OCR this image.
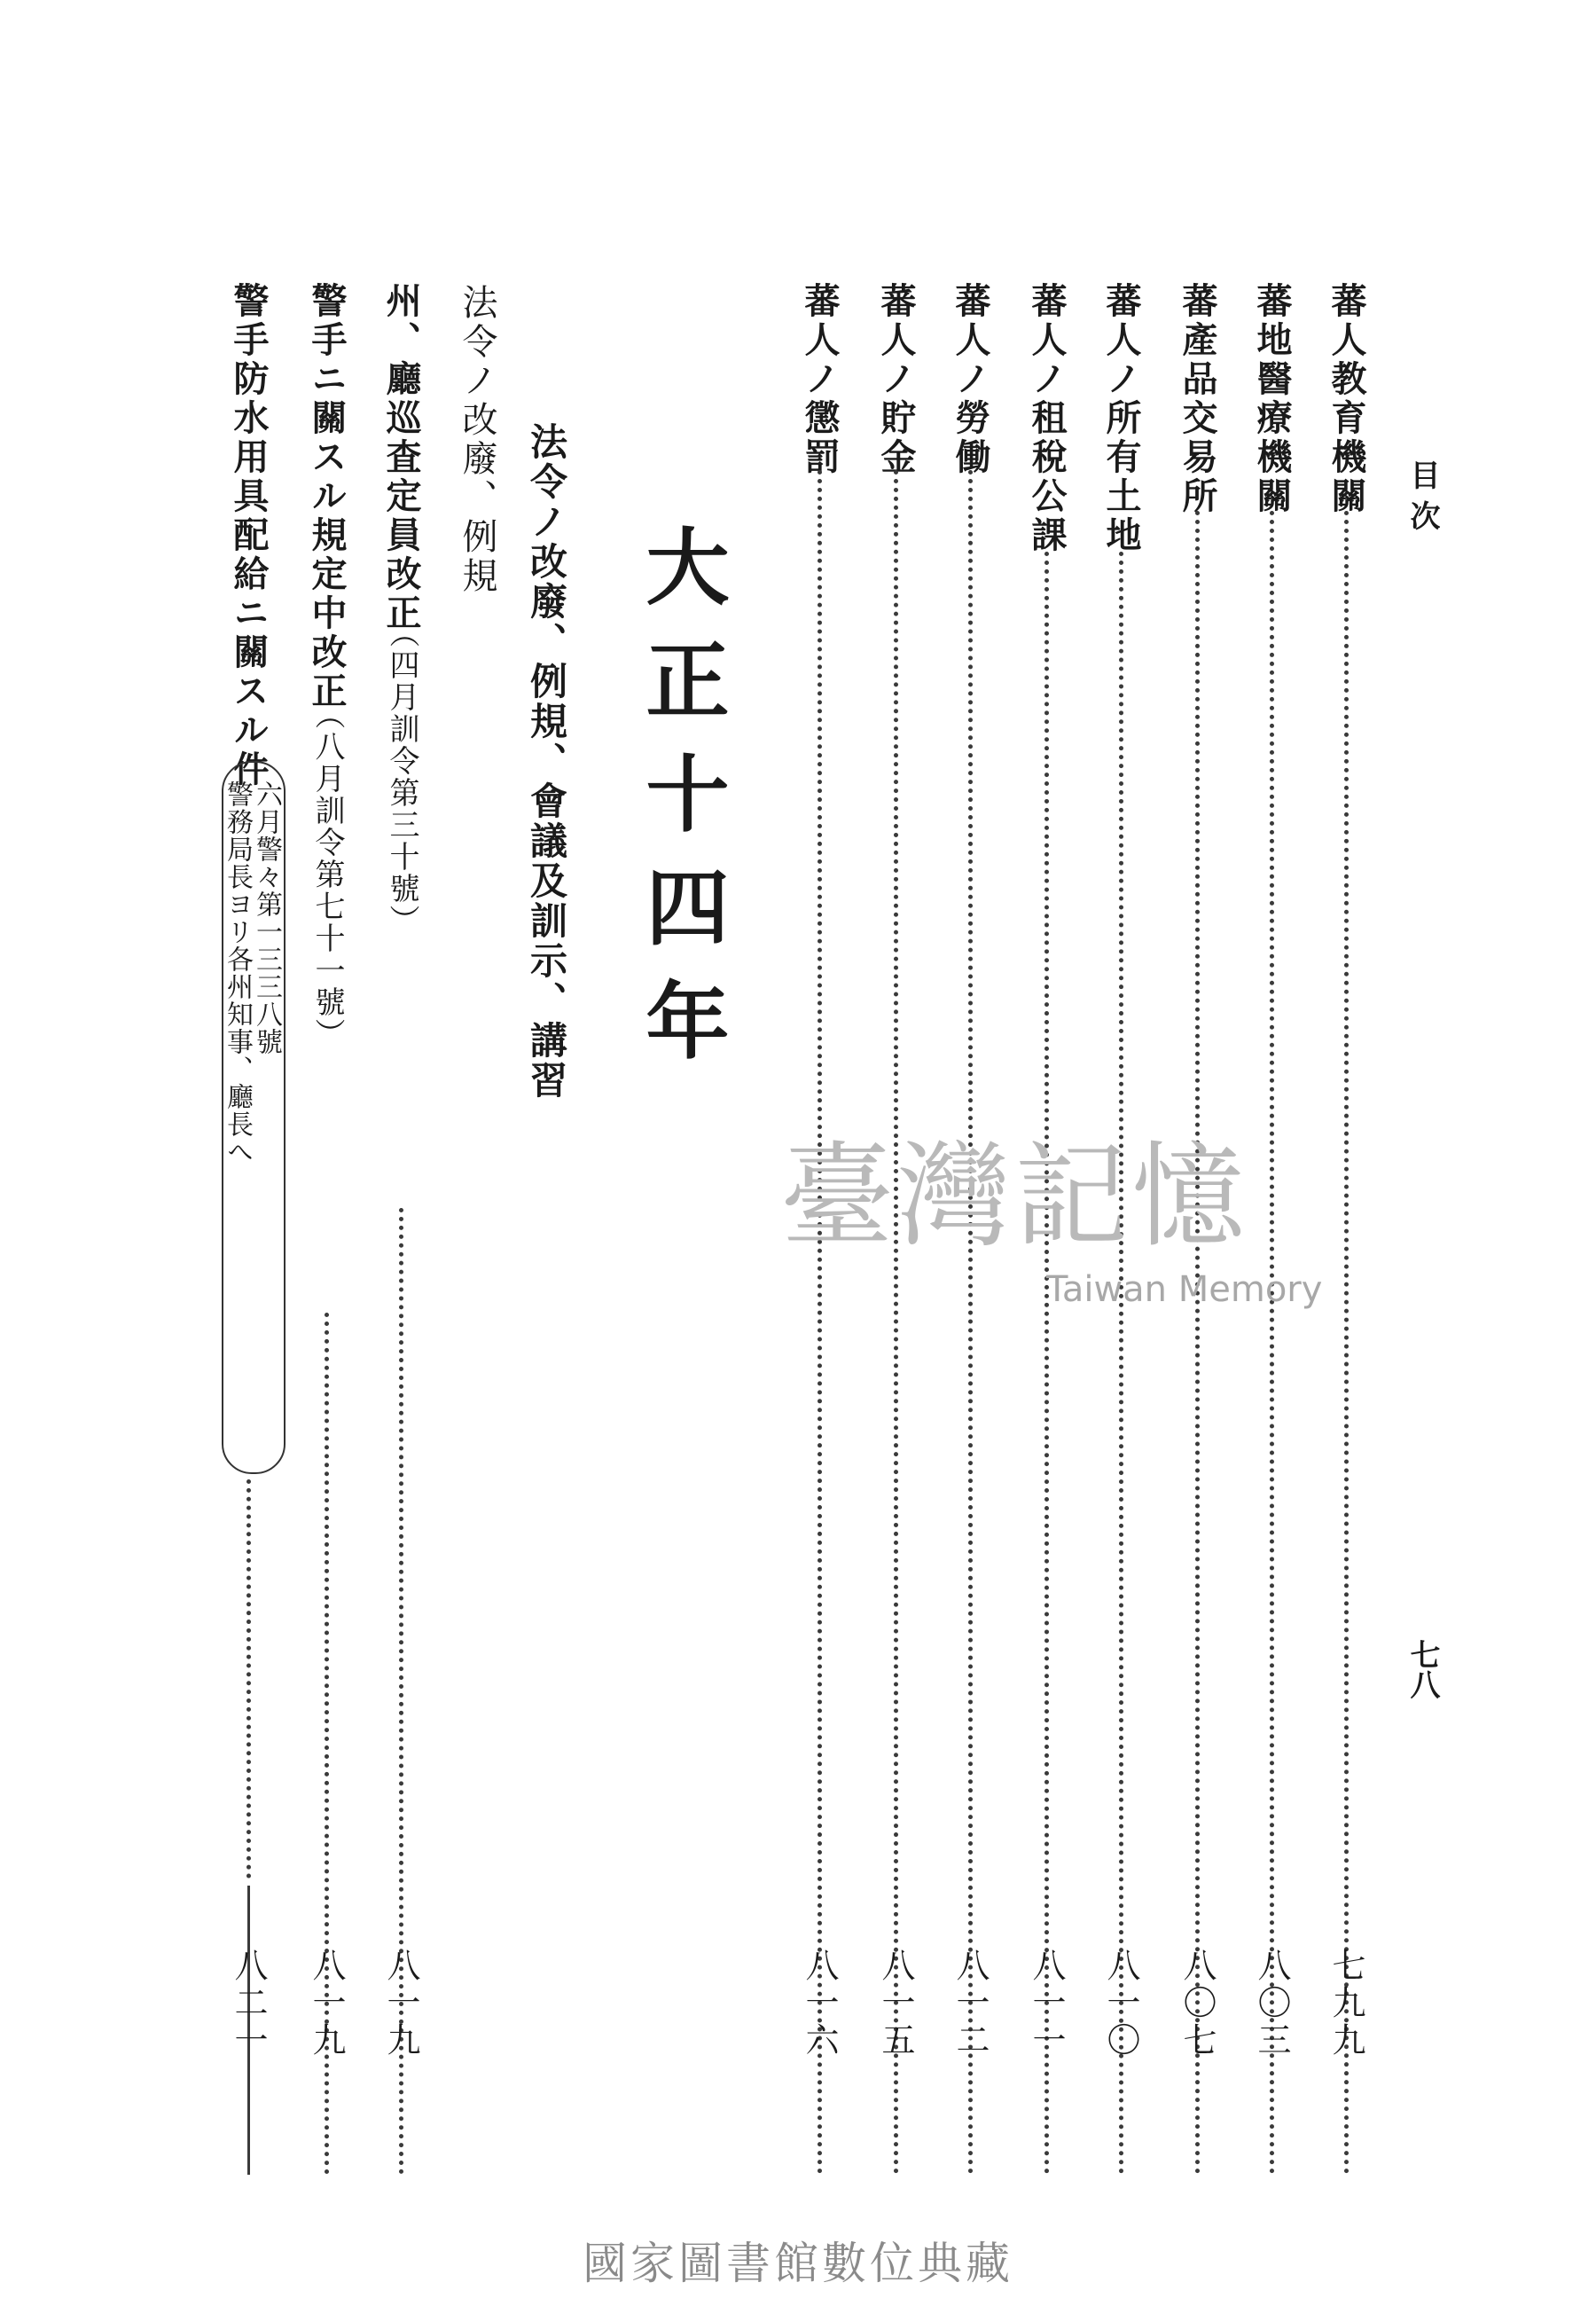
目 次
七八
蕃人教育機關
七九九
蕃地醫療機關
八〇三
蕃產品交易所
八〇七
蕃人ノ所有土地
八一〇
蕃人ノ租稅公課
八一一
蕃人ノ勞働
八一二
蕃人ノ貯金
八一五
蕃人ノ懲罰
八一六
大正十四年
法令ノ改廢、例規、會議及訓示、講習
法令ノ改廢、例規
州、廳巡査定員改正
（四月訓令第三十號）
八一九
警手ニ關スル規定中改正
（八月訓令第七十一號）
八一九
警手防水用具配給ニ關スル件
六月警々第一三三八號
警務局長ヨリ各州知事、廳長へ
八二一
臺灣記憶
Taiwan Memory
國家圖書館數位典藏
